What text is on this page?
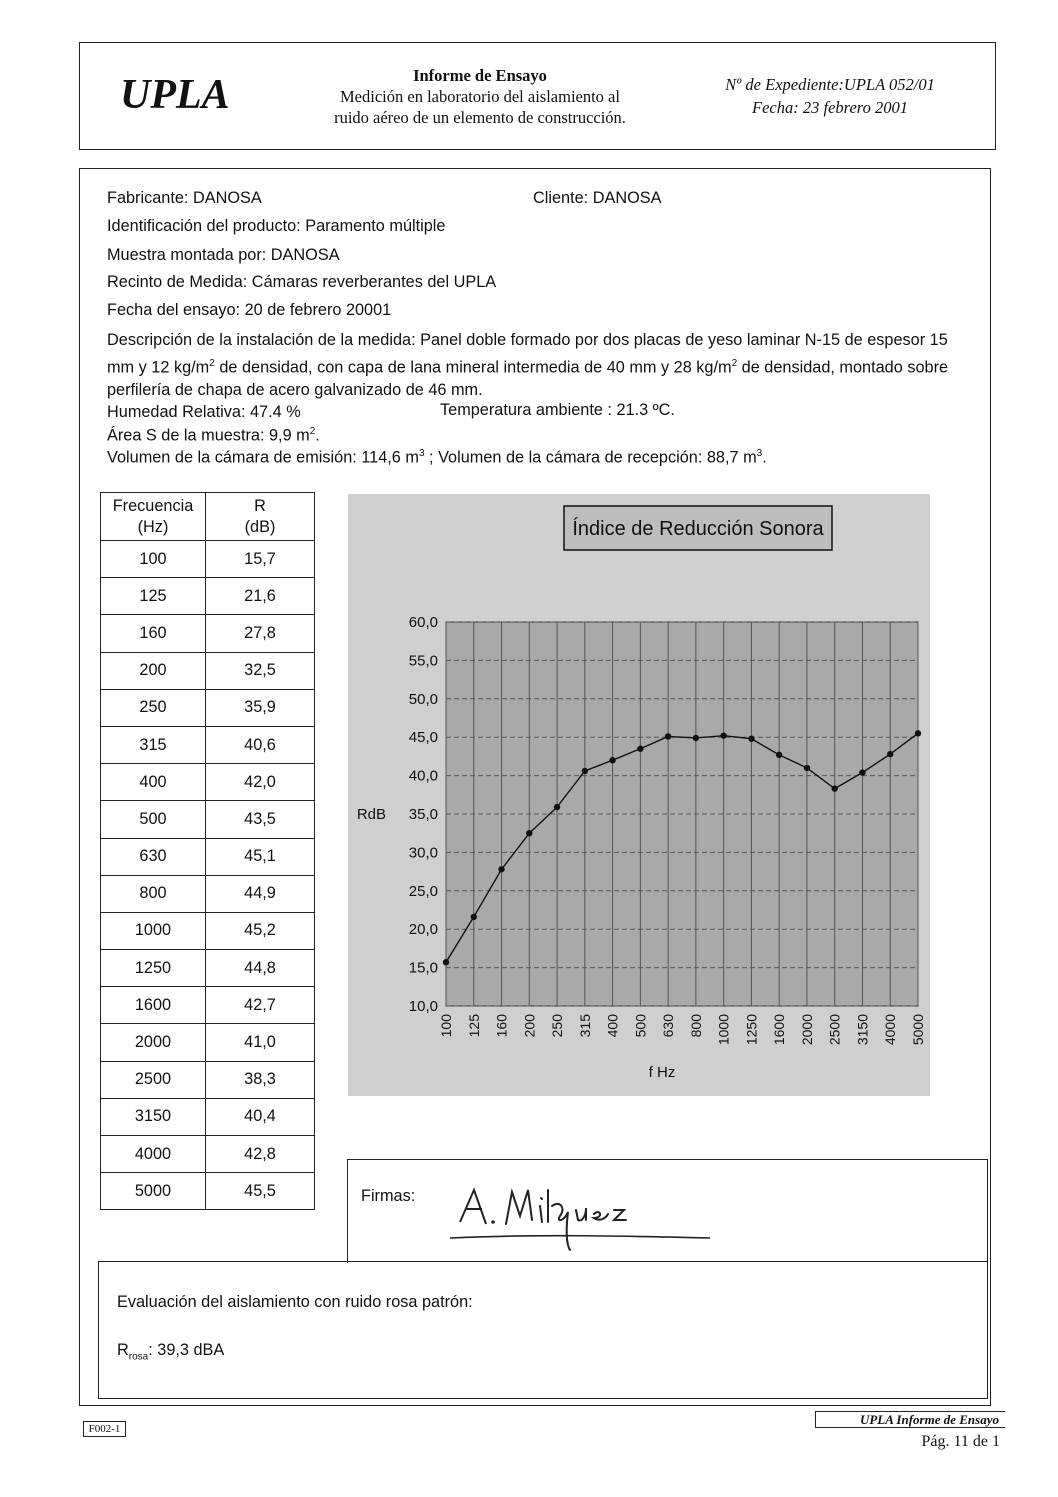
UPLA	Informe de Ensayo
Medición en laboratorio del aislamiento al
ruido aéreo de un elemento de construcción.
Nº de Expediente:UPLA 052/01
Fecha: 23 febrero 2001
Fabricante: DANOSA	Cliente: DANOSA
Identificación del producto: Paramento múltiple
Muestra montada por: DANOSA
Recinto de Medida: Cámaras reverberantes del UPLA
Fecha del ensayo: 20 de febrero 20001
Descripción de la instalación de la medida: Panel doble formado por dos placas de yeso laminar N-15 de espesor 15 mm y 12 $kg/m^2$ de densidad, con capa de lana mineral intermedia de 40 mm y 28 $kg/m^2$ de densidad, montado sobre perfilería de chapa de acero galvanizado de 46 mm.
Humedad Relativa: 47.4 %	Temperatura ambiente : 21.3 ºC.
Área S de la muestra: 9,9 $m^2$.
Volumen de la cámara de emisión: 114,6 $m^3$ ; Volumen de la cámara de recepción: 88,7 $m^3$.
Frecuencia
(Hz)	R
(dB)

100	15,7
125	21,6
160	27,8
200	32,5
250	35,9
315	40,6
400	42,0
500	43,5
630	45,1
800	44,9
1000	45,2
1250	44,8
1600	42,7
2000	41,0
2500	38,3
3150	40,4
4000	42,8
5000	45,5
Índice de Reducción Sonora
10,0
15,0
20,0
25,0
30,0
35,0
40,0
45,0
50,0
55,0
60,0
100 125 160 200 250 315 400 500 630 800 1000 1250 1600 2000 2500 3150 4000 5000
RdB
f Hz
Firmas:
Evaluación del aislamiento con ruido rosa patrón:
$R_{rosa}$: 39,3 dBA
F002-1
UPLA Informe de Ensayo
Pág. 11 de 1
